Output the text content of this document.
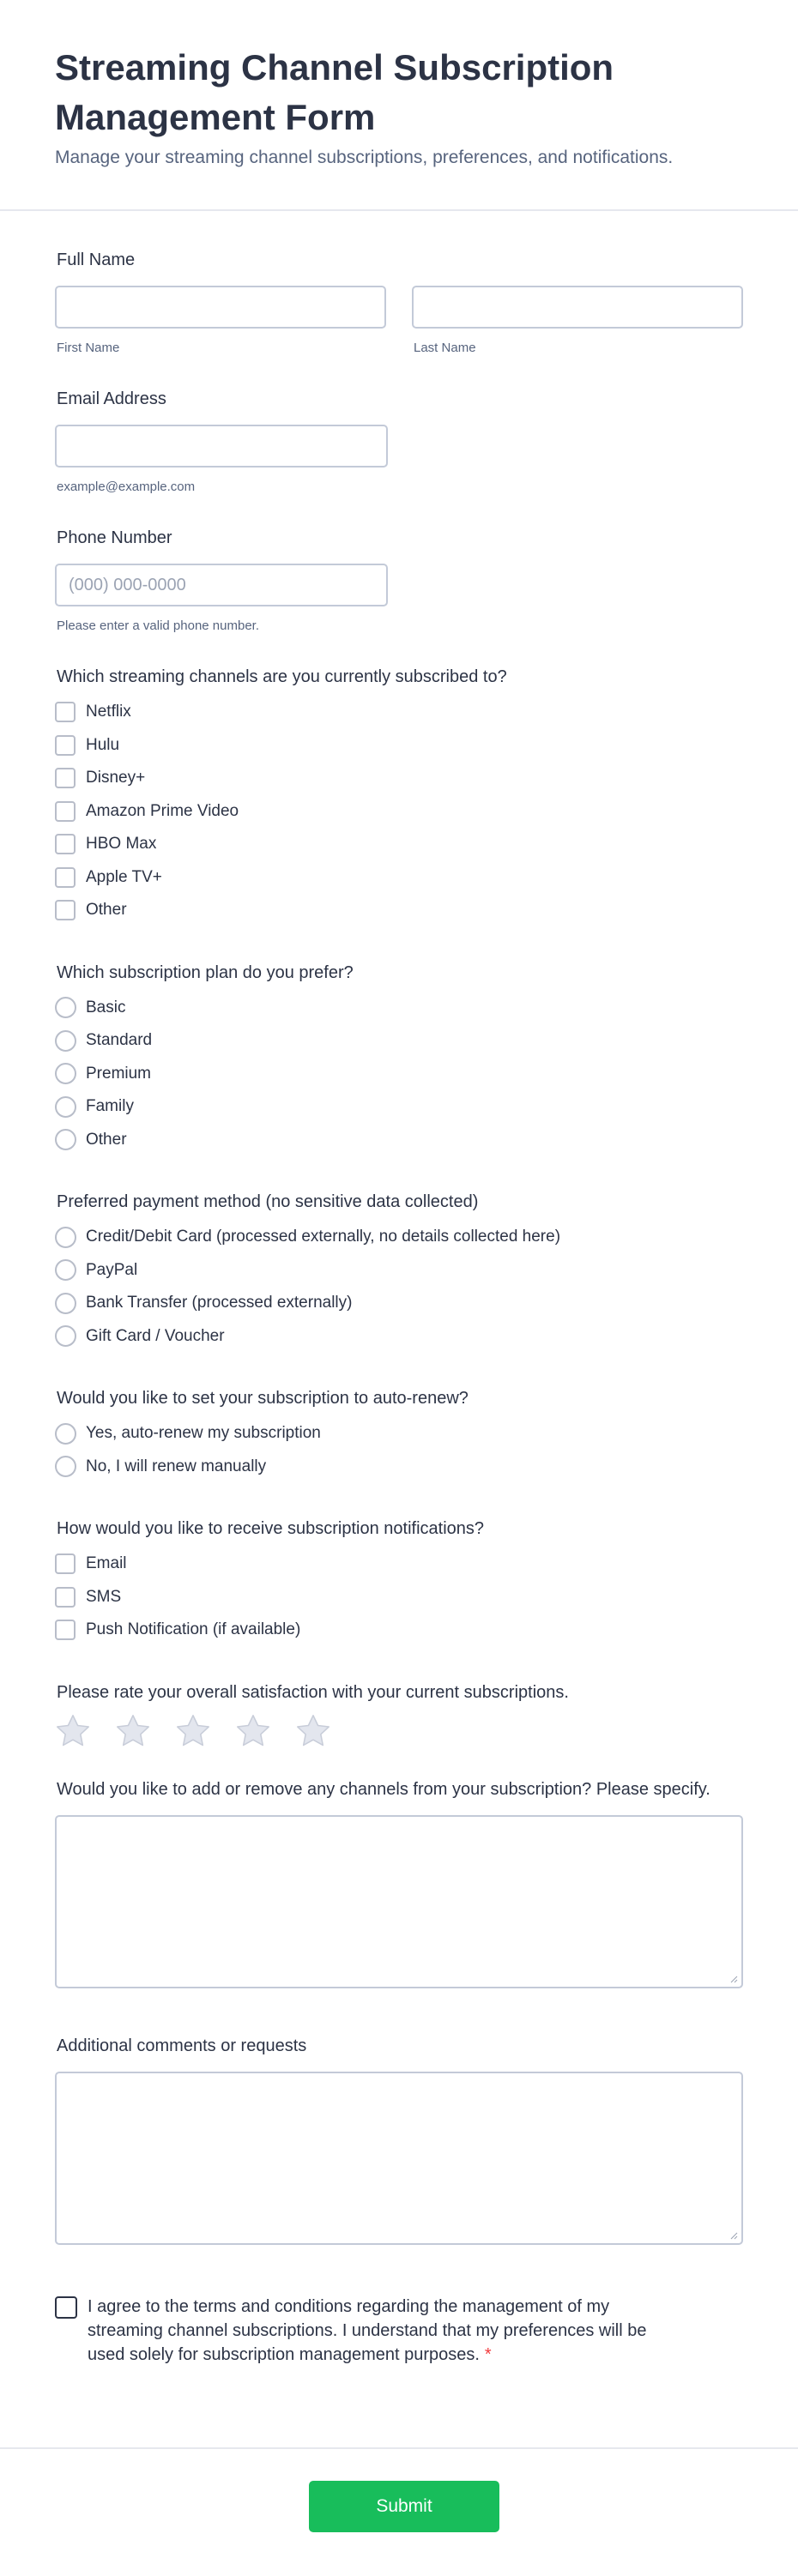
Streaming Channel Subscription Management Form
Manage your streaming channel subscriptions, preferences, and notifications.
Full Name
First Name	Last Name
Email Address
example@example.com
Phone Number
(000) 000-0000
Please enter a valid phone number.
Which streaming channels are you currently subscribed to?
Netflix
Hulu
Disney+
Amazon Prime Video
HBO Max
Apple TV+
Other
Which subscription plan do you prefer?
Basic
Standard
Premium
Family
Other
Preferred payment method (no sensitive data collected)
Credit/Debit Card (processed externally, no details collected here)
PayPal
Bank Transfer (processed externally)
Gift Card / Voucher
Would you like to set your subscription to auto-renew?
Yes, auto-renew my subscription
No, I will renew manually
How would you like to receive subscription notifications?
Email
SMS
Push Notification (if available)
Please rate your overall satisfaction with your current subscriptions.
Would you like to add or remove any channels from your subscription? Please specify.
Additional comments or requests
I agree to the terms and conditions regarding the management of my streaming channel subscriptions. I understand that my preferences will be used solely for subscription management purposes. *
Submit
